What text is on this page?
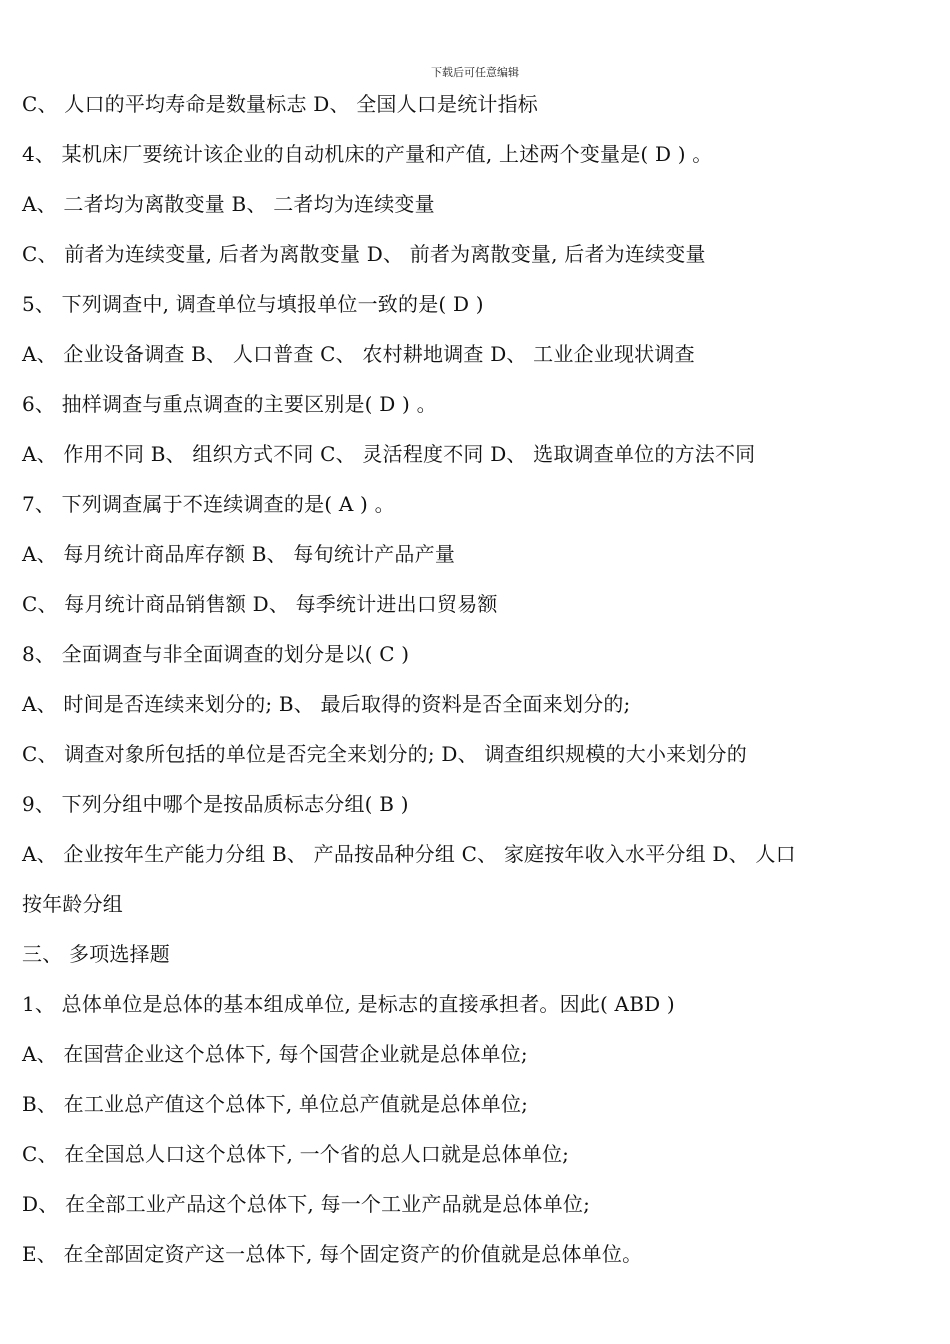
下载后可任意编辑
C、 人口的平均寿命是数量标志 D、 全国人口是统计指标
4、 某机床厂要统计该企业的自动机床的产量和产值, 上述两个变量是( D ) 。
A、 二者均为离散变量 B、 二者均为连续变量
C、 前者为连续变量, 后者为离散变量 D、 前者为离散变量, 后者为连续变量
5、 下列调查中, 调查单位与填报单位一致的是( D )
A、 企业设备调查 B、 人口普查 C、 农村耕地调查 D、 工业企业现状调查
6、 抽样调查与重点调查的主要区别是( D ) 。
A、 作用不同 B、 组织方式不同 C、 灵活程度不同 D、 选取调查单位的方法不同
7、 下列调查属于不连续调查的是( A ) 。
A、 每月统计商品库存额 B、 每旬统计产品产量
C、 每月统计商品销售额 D、 每季统计进出口贸易额
8、 全面调查与非全面调查的划分是以( C )
A、 时间是否连续来划分的; B、 最后取得的资料是否全面来划分的;
C、 调查对象所包括的单位是否完全来划分的; D、 调查组织规模的大小来划分的
9、 下列分组中哪个是按品质标志分组( B )
A、 企业按年生产能力分组 B、 产品按品种分组 C、 家庭按年收入水平分组 D、 人口
按年龄分组
三、 多项选择题
1、 总体单位是总体的基本组成单位, 是标志的直接承担者。因此( ABD )
A、 在国营企业这个总体下, 每个国营企业就是总体单位;
B、 在工业总产值这个总体下, 单位总产值就是总体单位;
C、 在全国总人口这个总体下, 一个省的总人口就是总体单位;
D、 在全部工业产品这个总体下, 每一个工业产品就是总体单位;
E、 在全部固定资产这一总体下, 每个固定资产的价值就是总体单位。
